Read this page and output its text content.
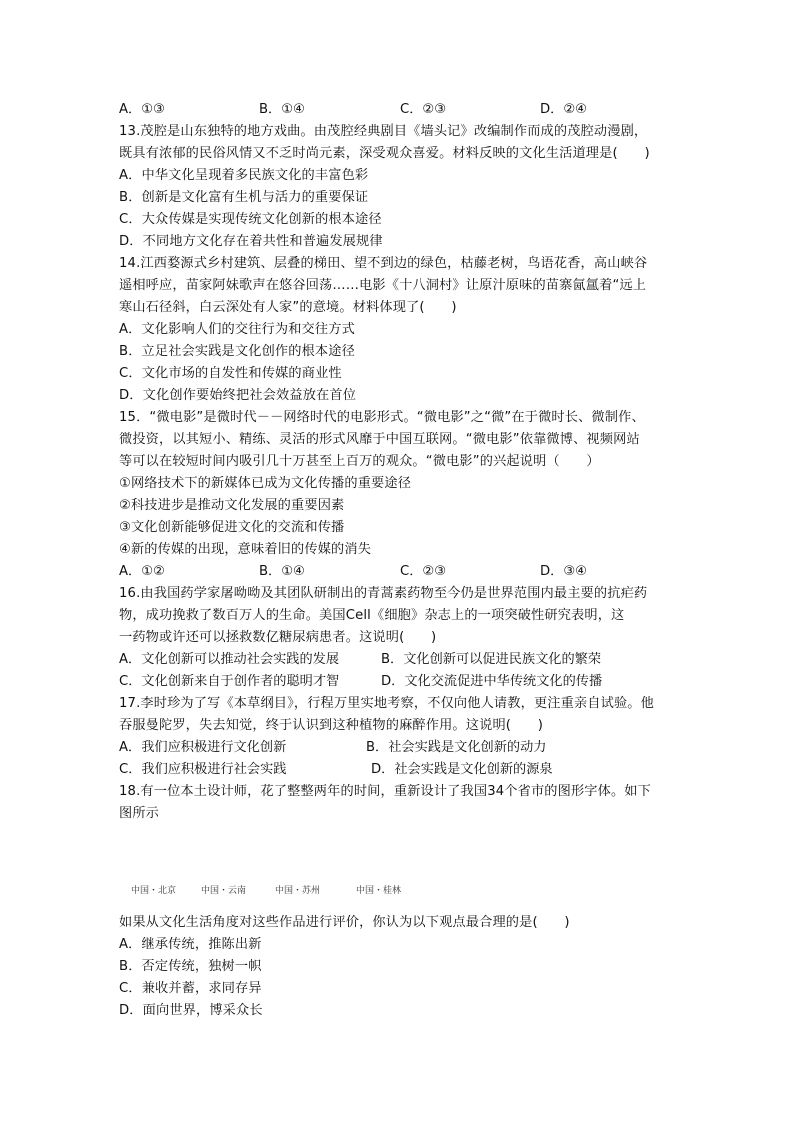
A．①③	B．①④	C．②③	D．②④
13.茂腔是山东独特的地方戏曲。由茂腔经典剧目《墙头记》改编制作而成的茂腔动漫剧，
既具有浓郁的民俗风情又不乏时尚元素，深受观众喜爱。材料反映的文化生活道理是(　　)
A．中华文化呈现着多民族文化的丰富色彩
B．创新是文化富有生机与活力的重要保证
C．大众传媒是实现传统文化创新的根本途径
D．不同地方文化存在着共性和普遍发展规律
14.江西婺源式乡村建筑、层叠的梯田、望不到边的绿色，枯藤老树，鸟语花香，高山峡谷
遥相呼应，苗家阿妹歌声在悠谷回荡……电影《十八洞村》让原汁原味的苗寨氤氲着“远上
寒山石径斜，白云深处有人家”的意境。材料体现了(　　)
A．文化影响人们的交往行为和交往方式
B．立足社会实践是文化创作的根本途径
C．文化市场的自发性和传媒的商业性
D．文化创作要始终把社会效益放在首位
15．“微电影”是微时代－－网络时代的电影形式。“微电影”之“微”在于微时长、微制作、
微投资，以其短小、精练、灵活的形式风靡于中国互联网。“微电影”依靠微博、视频网站
等可以在较短时间内吸引几十万甚至上百万的观众。“微电影”的兴起说明（　　）
①网络技术下的新媒体已成为文化传播的重要途径
②科技进步是推动文化发展的重要因素
③文化创新能够促进文化的交流和传播
④新的传媒的出现，意味着旧的传媒的消失
A．①②	B．①④	C．②③	D．③④
16.由我国药学家屠呦呦及其团队研制出的青蒿素药物至今仍是世界范围内最主要的抗疟药
物，成功挽救了数百万人的生命。美国Cell《细胞》杂志上的一项突破性研究表明，这
一药物或许还可以拯救数亿糖尿病患者。这说明(　　)
A．文化创新可以推动社会实践的发展	B．文化创新可以促进民族文化的繁荣
C．文化创新来自于创作者的聪明才智	D．文化交流促进中华传统文化的传播
17.李时珍为了写《本草纲目》，行程万里实地考察，不仅向他人请教，更注重亲自试验。他
吞服曼陀罗，失去知觉，终于认识到这种植物的麻醉作用。这说明(　　)
A．我们应积极进行文化创新	B．社会实践是文化创新的动力
C．我们应积极进行社会实践	D．社会实践是文化创新的源泉
18.有一位本土设计师，花了整整两年的时间，重新设计了我国34个省市的图形字体。如下
图所示
中国・北京	中国・云南	中国・苏州	中国・桂林
如果从文化生活角度对这些作品进行评价，你认为以下观点最合理的是(　　)
A．继承传统，推陈出新
B．否定传统，独树一帜
C．兼收并蓄，求同存异
D．面向世界，博采众长
